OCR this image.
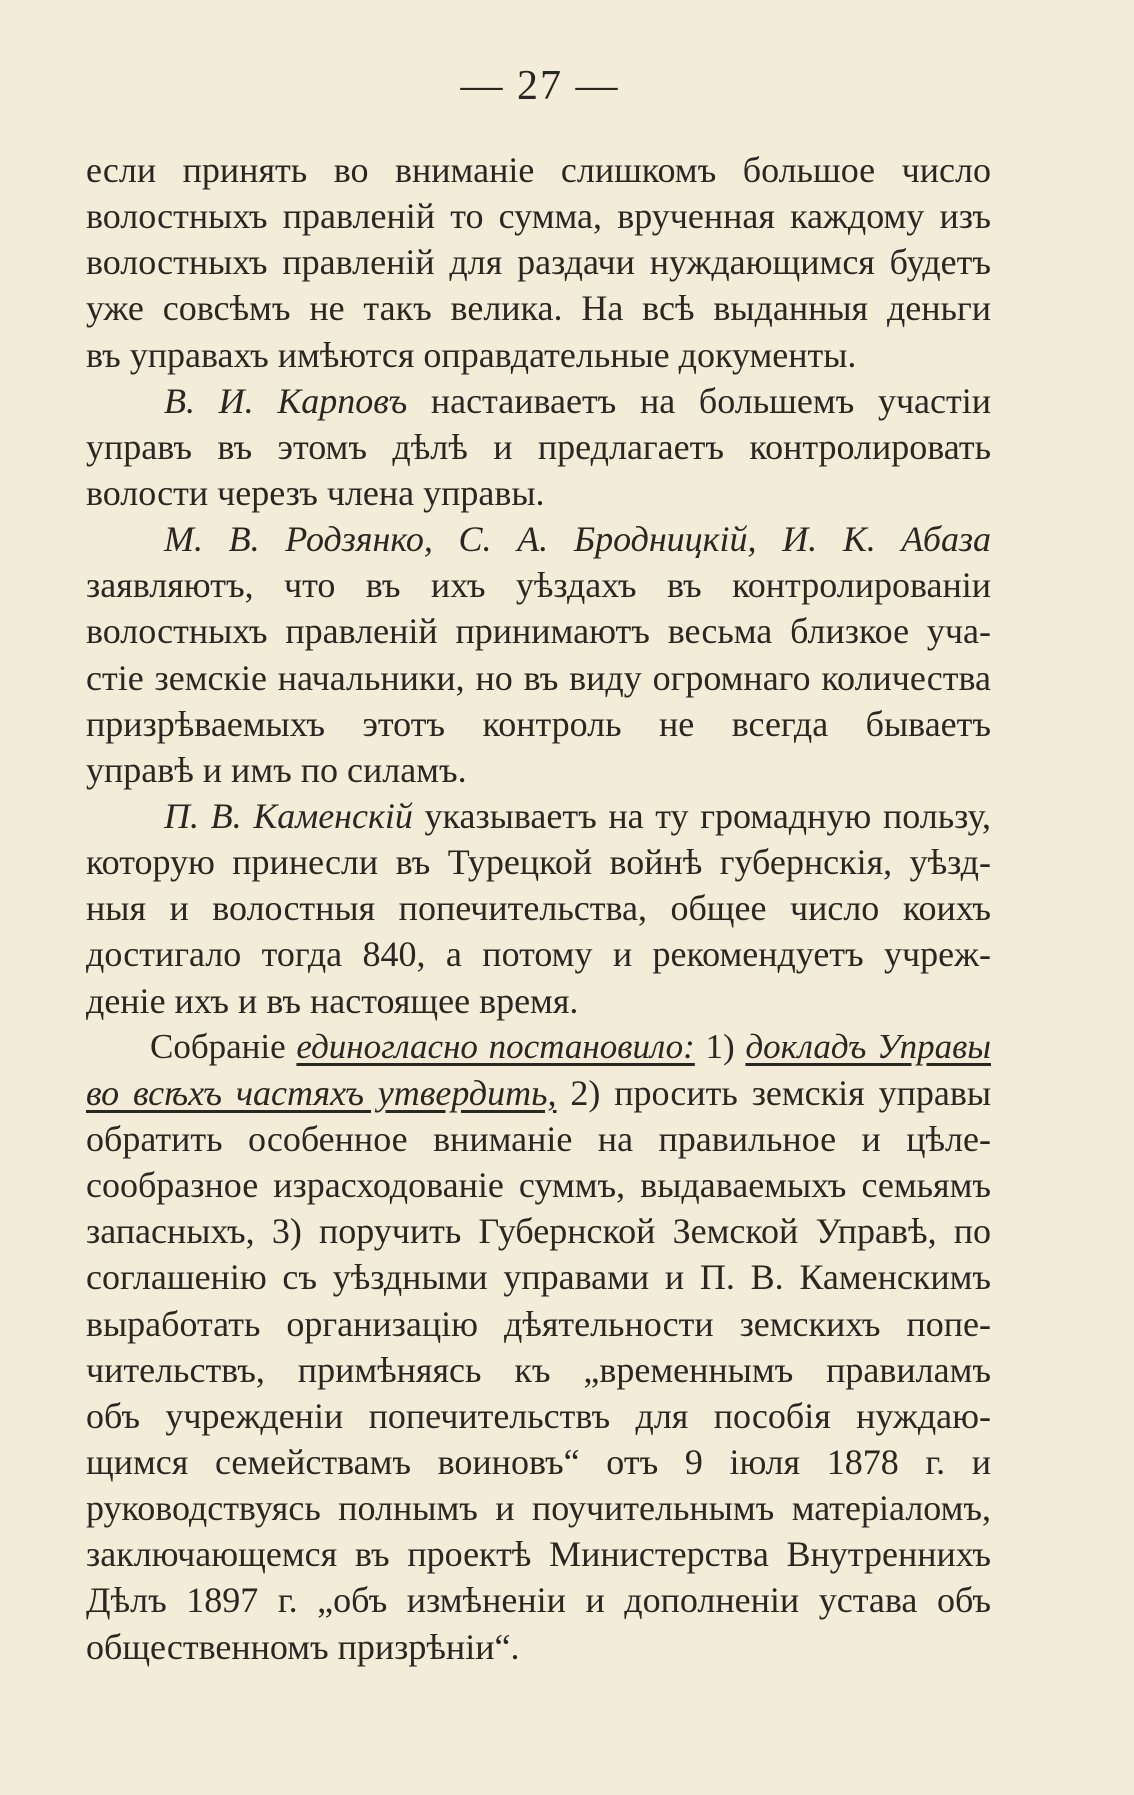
— 27 —
если принять во вниманіе слишкомъ большое число
волостныхъ правленій то сумма, врученная каждому изъ
волостныхъ правленій для раздачи нуждающимся будетъ
уже совсѣмъ не такъ велика. На всѣ выданныя деньги
въ управахъ имѣются оправдательные документы.
В. И. Карповъ настаиваетъ на большемъ участіи
управъ въ этомъ дѣлѣ и предлагаетъ контролировать
волости черезъ члена управы.
М. В. Родзянко, С. А. Бродницкій, И. К. Абаза
заявляютъ, что въ ихъ уѣздахъ въ контролированіи
волостныхъ правленій принимаютъ весьма близкое уча-
стіе земскіе начальники, но въ виду огромнаго количества
призрѣваемыхъ этотъ контроль не всегда бываетъ
управѣ и имъ по силамъ.
П. В. Каменскій указываетъ на ту громадную пользу,
которую принесли въ Турецкой войнѣ губернскія, уѣзд-
ныя и волостныя попечительства, общее число коихъ
достигало тогда 840, а потому и рекомендуетъ учреж-
деніе ихъ и въ настоящее время.
Собраніе единогласно постановило: 1) докладъ Управы
во всѣхъ частяхъ утвердить, 2) просить земскія управы
обратить особенное вниманіе на правильное и цѣле-
сообразное израсходованіе суммъ, выдаваемыхъ семьямъ
запасныхъ, 3) поручить Губернской Земской Управѣ, по
соглашенію съ уѣздными управами и П. В. Каменскимъ
выработать организацію дѣятельности земскихъ попе-
чительствъ, примѣняясь къ „временнымъ правиламъ
объ учрежденіи попечительствъ для пособія нуждаю-
щимся семействамъ воиновъ“ отъ 9 іюля 1878 г. и
руководствуясь полнымъ и поучительнымъ матеріаломъ,
заключающемся въ проектѣ Министерства Внутреннихъ
Дѣлъ 1897 г. „объ измѣненіи и дополненіи устава объ
общественномъ призрѣніи“.
